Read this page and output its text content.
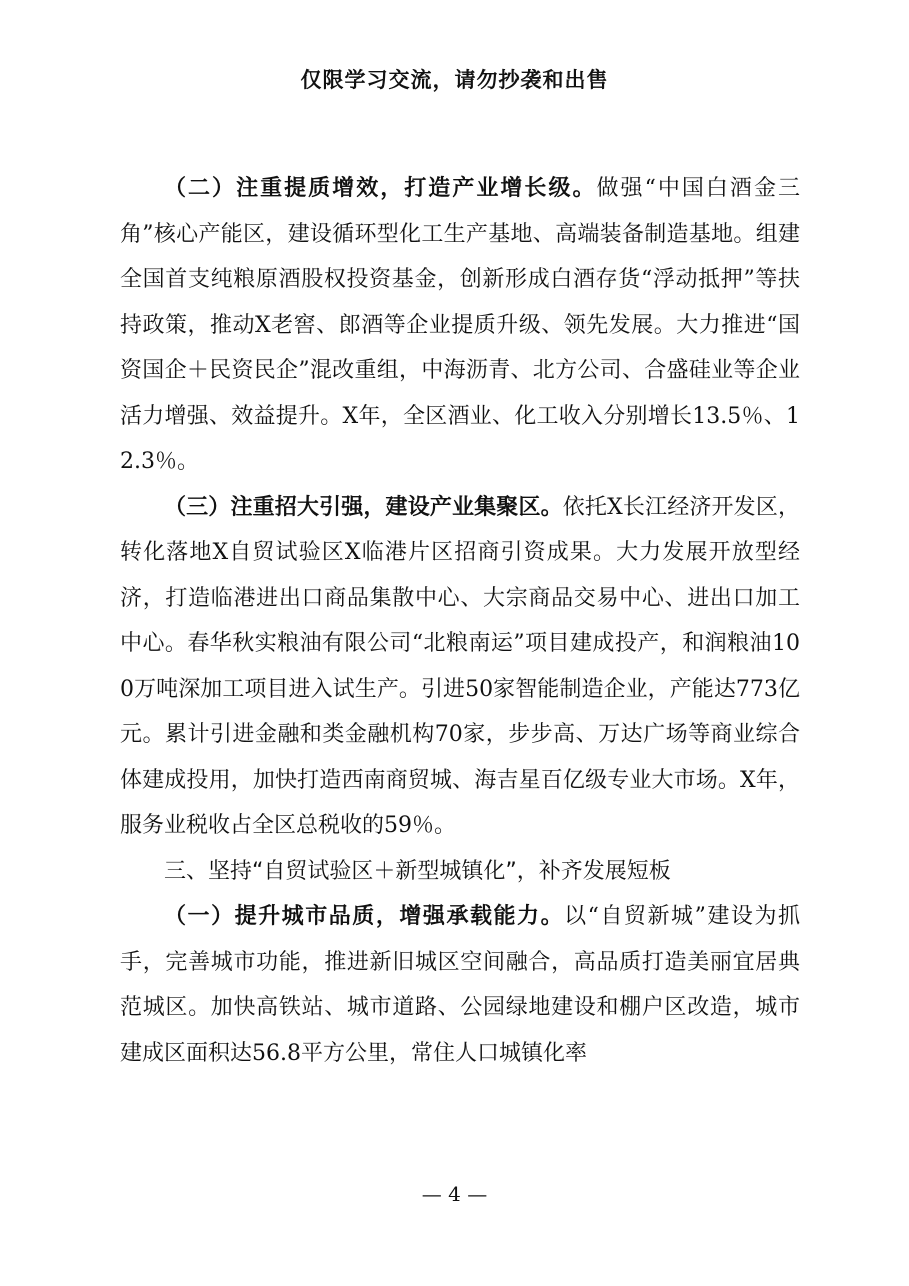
仅限学习交流，请勿抄袭和出售

（二）注重提质增效，打造产业增长级。做强“中国白酒金三角”核心产能区，建设循环型化工生产基地、高端装备制造基地。组建全国首支纯粮原酒股权投资基金，创新形成白酒存货“浮动抵押”等扶持政策，推动X老窖、郎酒等企业提质升级、领先发展。大力推进“国资国企＋民资民企”混改重组，中海沥青、北方公司、合盛硅业等企业活力增强、效益提升。X年，全区酒业、化工收入分别增长13.5％、12.3％。

（三）注重招大引强，建设产业集聚区。依托X长江经济开发区，转化落地X自贸试验区X临港片区招商引资成果。大力发展开放型经济，打造临港进出口商品集散中心、大宗商品交易中心、进出口加工中心。春华秋实粮油有限公司“北粮南运”项目建成投产，和润粮油100万吨深加工项目进入试生产。引进50家智能制造企业，产能达773亿元。累计引进金融和类金融机构70家，步步高、万达广场等商业综合体建成投用，加快打造西南商贸城、海吉星百亿级专业大市场。X年，服务业税收占全区总税收的59％。

三、坚持“自贸试验区＋新型城镇化”，补齐发展短板

（一）提升城市品质，增强承载能力。以“自贸新城”建设为抓手，完善城市功能，推进新旧城区空间融合，高品质打造美丽宜居典范城区。加快高铁站、城市道路、公园绿地建设和棚户区改造，城市建成区面积达56.8平方公里，常住人口城镇化率

— 4 —
